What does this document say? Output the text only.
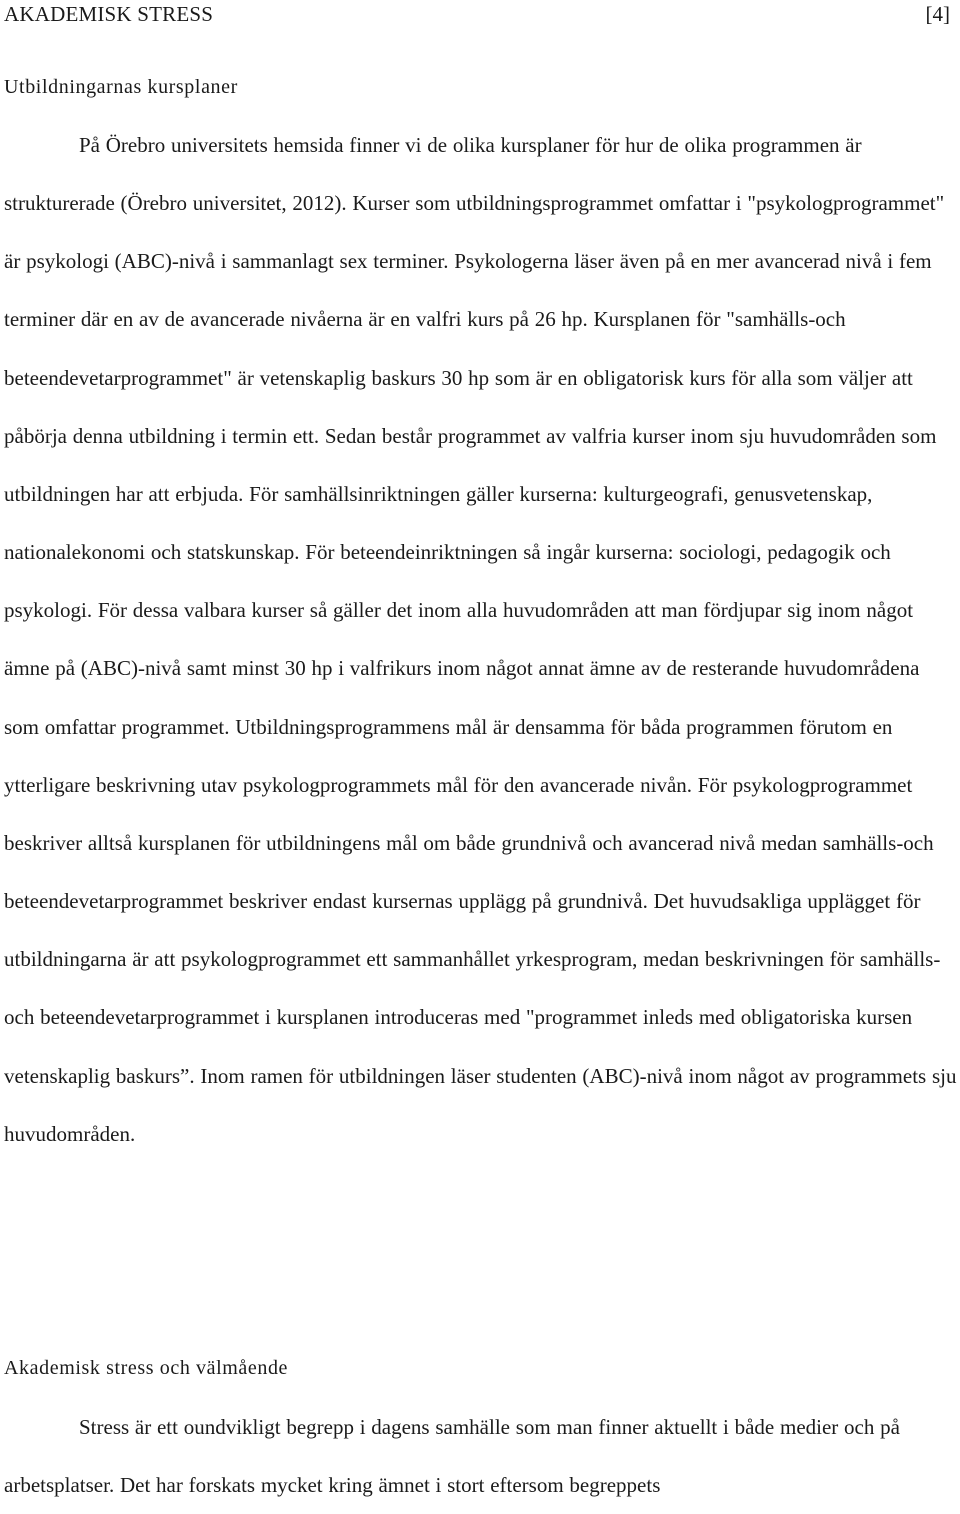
AKADEMISK STRESS	[4]
Utbildningarnas kursplaner

På Örebro universitets hemsida finner vi de olika kursplaner för hur de olika programmen är strukturerade (Örebro universitet, 2012). Kurser som utbildningsprogrammet omfattar i "psykologprogrammet" är psykologi (ABC)-nivå i sammanlagt sex terminer. Psykologerna läser även på en mer avancerad nivå i fem terminer där en av de avancerade nivåerna är en valfri kurs på 26 hp. Kursplanen för "samhälls-och beteendevetarprogrammet" är vetenskaplig baskurs 30 hp som är en obligatorisk kurs för alla som väljer att påbörja denna utbildning i termin ett. Sedan består programmet av valfria kurser inom sju huvudområden som utbildningen har att erbjuda. För samhällsinriktningen gäller kurserna: kulturgeografi, genusvetenskap, nationalekonomi och statskunskap. För beteendeinriktningen så ingår kurserna: sociologi, pedagogik och psykologi. För dessa valbara kurser så gäller det inom alla huvudområden att man fördjupar sig inom något ämne på (ABC)-nivå samt minst 30 hp i valfrikurs inom något annat ämne av de resterande huvudområdena som omfattar programmet. Utbildningsprogrammens mål är densamma för båda programmen förutom en ytterligare beskrivning utav psykologprogrammets mål för den avancerade nivån. För psykologprogrammet beskriver alltså kursplanen för utbildningens mål om både grundnivå och avancerad nivå medan samhälls-och beteendevetarprogrammet beskriver endast kursernas upplägg på grundnivå. Det huvudsakliga upplägget för utbildningarna är att psykologprogrammet ett sammanhållet yrkesprogram, medan beskrivningen för samhälls-och beteendevetarprogrammet i kursplanen introduceras med "programmet inleds med obligatoriska kursen vetenskaplig baskurs”. Inom ramen för utbildningen läser studenten (ABC)-nivå inom något av programmets sju huvudområden.

Akademisk stress och välmående

Stress är ett oundvikligt begrepp i dagens samhälle som man finner aktuellt i både medier och på arbetsplatser. Det har forskats mycket kring ämnet i stort eftersom begreppets
